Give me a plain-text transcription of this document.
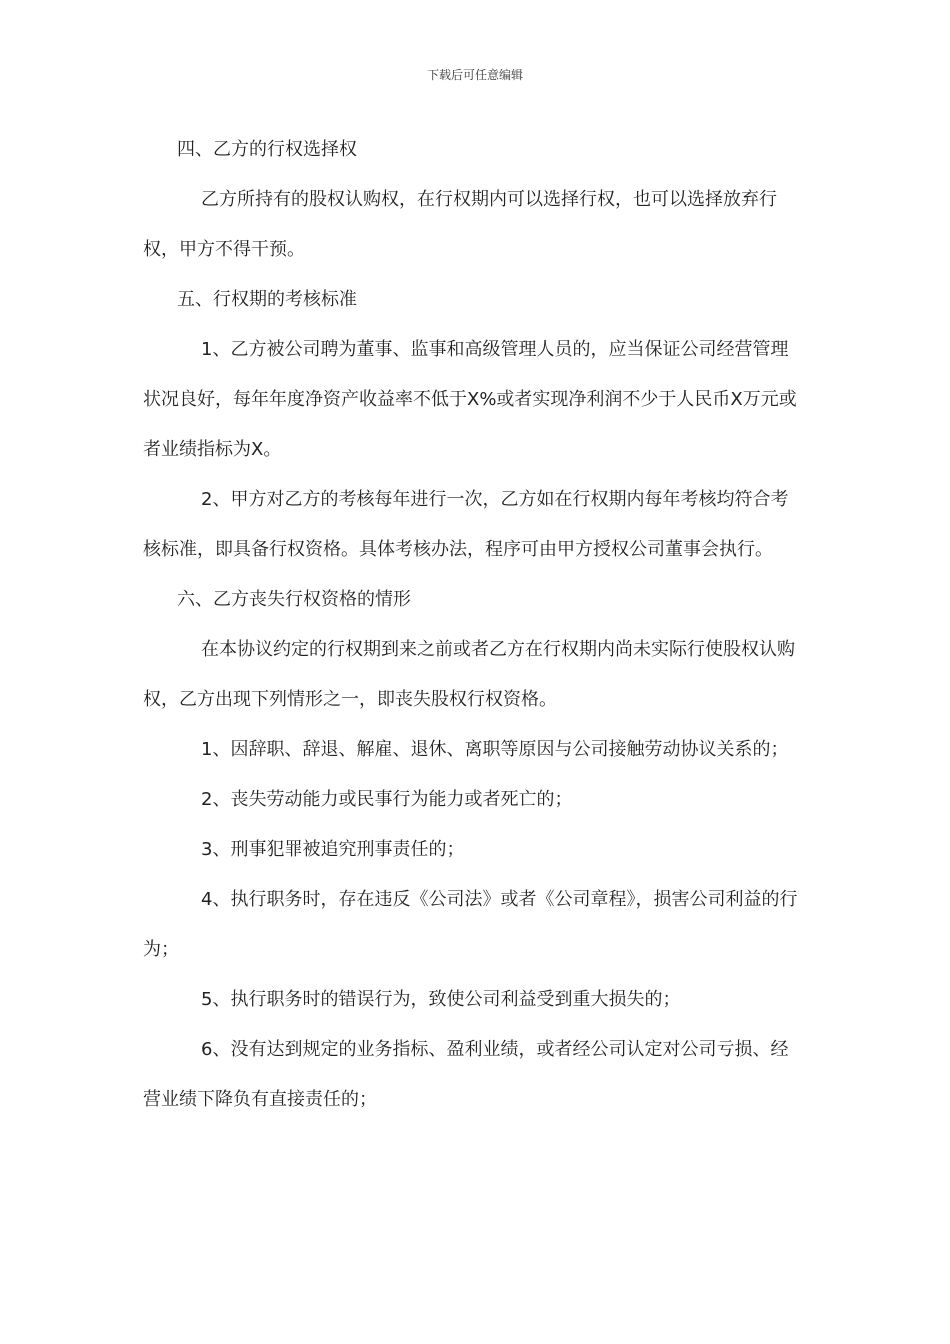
下载后可任意编辑

四、乙方的行权选择权

乙方所持有的股权认购权，在行权期内可以选择行权，也可以选择放弃行权，甲方不得干预。

五、行权期的考核标准

1、乙方被公司聘为董事、监事和高级管理人员的，应当保证公司经营管理状况良好，每年年度净资产收益率不低于X%或者实现净利润不少于人民币X万元或者业绩指标为X。

2、甲方对乙方的考核每年进行一次，乙方如在行权期内每年考核均符合考核标准，即具备行权资格。具体考核办法，程序可由甲方授权公司董事会执行。

六、乙方丧失行权资格的情形

在本协议约定的行权期到来之前或者乙方在行权期内尚未实际行使股权认购权，乙方出现下列情形之一，即丧失股权行权资格。

1、因辞职、辞退、解雇、退休、离职等原因与公司接触劳动协议关系的；

2、丧失劳动能力或民事行为能力或者死亡的；

3、刑事犯罪被追究刑事责任的；

4、执行职务时，存在违反《公司法》或者《公司章程》，损害公司利益的行为；

5、执行职务时的错误行为，致使公司利益受到重大损失的；

6、没有达到规定的业务指标、盈利业绩，或者经公司认定对公司亏损、经营业绩下降负有直接责任的；
